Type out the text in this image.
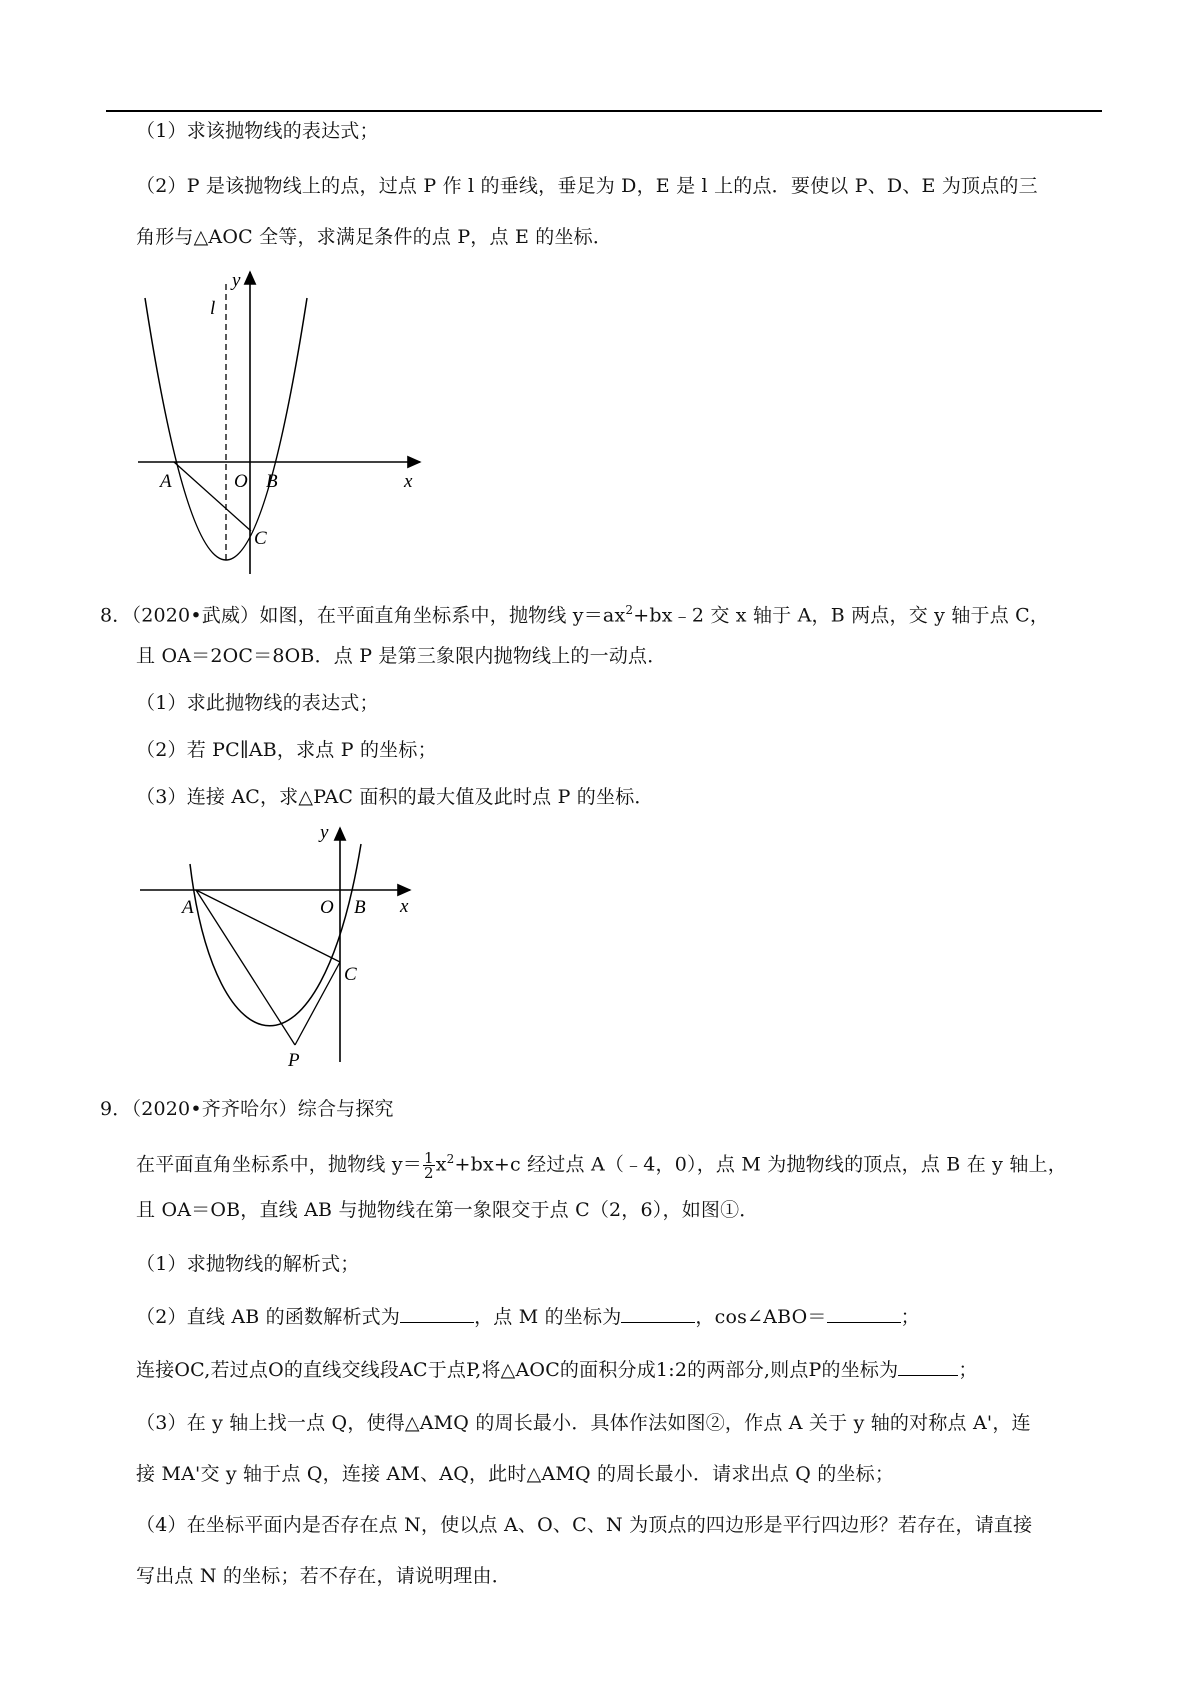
（1）求该抛物线的表达式；
（2）P 是该抛物线上的点，过点 P 作 l 的垂线，垂足为 D，E 是 l 上的点．要使以 P、D、E 为顶点的三
角形与△AOC 全等，求满足条件的点 P，点 E 的坐标．
y
l
x
A	O B
C
8．（2020•武威）如图，在平面直角坐标系中，抛物线 $y=ax^2+bx﹣2$ 交 x 轴于 A，B 两点，交 y 轴于点 C，
且 OA＝2OC＝8OB．点 P 是第三象限内抛物线上的一动点．
（1）求此抛物线的表达式；
（2）若 PC∥AB，求点 P 的坐标；
（3）连接 AC，求△PAC 面积的最大值及此时点 P 的坐标．
y
x
A	O B
C
P
9．（2020•齐齐哈尔）综合与探究
在平面直角坐标系中，抛物线 $y= \frac{1}{2} x^2+bx+c$ 经过点 A（﹣4，0），点 M 为抛物线的顶点，点 B 在 y 轴上，
且 OA＝OB，直线 AB 与抛物线在第一象限交于点 C（2，6），如图①．
（1）求抛物线的解析式；
（2）直线 AB 的函数解析式为	，点 M 的坐标为	，cos∠ABO＝	；
连接OC,若过点O的直线交线段AC于点P,将△AOC的面积分成1:2的两部分,则点P的坐标为	；
（3）在 y 轴上找一点 Q，使得△AMQ 的周长最小．具体作法如图②，作点 A 关于 y 轴的对称点 A'，连
接 MA'交 y 轴于点 Q，连接 AM、AQ，此时△AMQ 的周长最小．请求出点 Q 的坐标；
（4）在坐标平面内是否存在点 N，使以点 A、O、C、N 为顶点的四边形是平行四边形？若存在，请直接
写出点 N 的坐标；若不存在，请说明理由．
